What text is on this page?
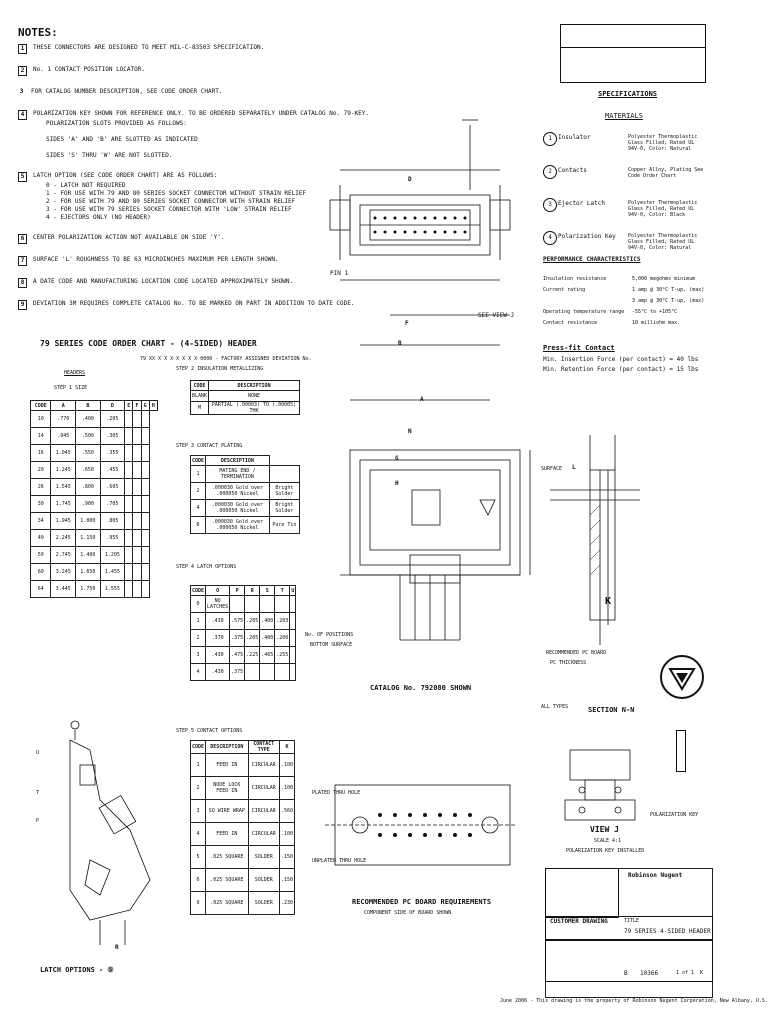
NOTES:
1 THESE CONNECTORS ARE DESIGNED TO MEET MIL-C-83503 SPECIFICATION.
2 No. 1 CONTACT POSITION LOCATOR.
3 FOR CATALOG NUMBER DESCRIPTION, SEE CODE ORDER CHART.
4 POLARIZATION KEY SHOWN FOR REFERENCE ONLY. TO BE ORDERED SEPARATELY UNDER CATALOG No. 79-KEY.
POLARIZATION SLOTS PROVIDED AS FOLLOWS:

SIDES 'A' AND 'B' ARE SLOTTED AS INDICATED

SIDES 'S' THRU 'W' ARE NOT SLOTTED.
5 LATCH OPTION (SEE CODE ORDER CHART) ARE AS FOLLOWS:
0 - LATCH NOT REQUIRED
1 - FOR USE WITH 79 AND 80 SERIES SOCKET CONNECTOR WITHOUT STRAIN RELIEF
2 - FOR USE WITH 79 AND 80 SERIES SOCKET CONNECTOR WITH STRAIN RELIEF
3 - FOR USE WITH 79 SERIES SOCKET CONNECTOR WITH 'LOW' STRAIN RELIEF
4 - EJECTORS ONLY (NO HEADER)
6 CENTER POLARIZATION ACTION NOT AVAILABLE ON SIDE 'Y'.
7 SURFACE 'L' ROUGHNESS TO BE 63 MICROINCHES MAXIMUM PER LENGTH SHOWN.
8 A DATE CODE AND MANUFACTURING LOCATION CODE LOCATED APPROXIMATELY SHOWN.
9 DEVIATION 3M REQUIRES COMPLETE CATALOG No. TO BE MARKED ON PART IN ADDITION TO DATE CODE.
D
F
B
PIN 1
SEE VIEW J
SPECIFICATIONS
MATERIALS
1	Insulator	Polyester Thermoplastic Glass Filled, Rated UL 94V-0, Color: Natural
2	Contacts	Copper Alloy, Plating See Code Order Chart
3	Ejector Latch	Polyester Thermoplastic Glass Filled, Rated UL 94V-0, Color: Black
4	Polarization Key Polyester Thermoplastic Glass Filled, Rated UL 94V-0, Color: Natural
PERFORMANCE CHARACTERISTICS
Insulation resistance	5,000 megohms minimum
Current rating	1 amp @ 30°C T-up, (max)
3 amp @ 30°C T-up, (max)
Operating temperature range -55°C to +105°C
Contact resistance	10 milliohm max.
Press-fit Contact
Min. Insertion Force (per contact) = 40 lbs
Min. Retention Force (per contact) = 15 lbs
79 SERIES CODE ORDER CHART - (4-SIDED) HEADER
79 XX X X X X X X X 0000 - FACTORY ASSIGNED DEVIATION No.
HEADERS
STEP 1 SIZE
CODE	A	B	D	E	F	G	H
10	.770	.400	.205				
14	.945	.500	.305				
16	1.045	.550	.355				
20	1.245	.650	.455				
26	1.545	.800	.605				
30	1.745	.900	.705				
34	1.945	1.000	.805				
40	2.245	1.150	.955				
50	2.745	1.400	1.205				
60	3.245	1.650	1.455				
64	3.445	1.750	1.555				
STEP 2 INSULATION METALLIZING
CODE	DESCRIPTION
BLANK	NONE
M	PARTIAL (.00003) TO (.00005) THK
STEP 3 CONTACT PLATING
CODE	DESCRIPTION	
1	MATING END / TERMINATION	
2	.000030 Gold over .000050 Nickel	Bright Solder
4	.000030 Gold over .000050 Nickel	Bright Solder
6	.000030 Gold over .000050 Nickel	Pure Tin
STEP 4 LATCH OPTIONS
CODE	O	P	R	S	T	U
0	NO LATCHES					
1	.430	.575	.205	.400	.203	
2	.370	.375	.205	.400	.200	
3	.430	.475	.225	.465	.255	
4	.430	.375				
STEP 5 CONTACT OPTIONS
CODE	DESCRIPTION	CONTACT TYPE	K
1	FEED IN	CIRCULAR	.100
2	NODE LOCK FEED IN	CIRCULAR	.100
3	SQ WIRE WRAP	CIRCULAR	.560
4	FEED IN	CIRCULAR	.100
5	.025 SQUARE	SOLDER	.150
6	.025 SQUARE	SOLDER	.150
9	.025 SQUARE	SOLDER	.230
U
P
T
R
LATCH OPTIONS - ⑤
A
N
G
H
No. OF POSITIONS
BOTTOM SURFACE
CATALOG No. 792080 SHOWN
SURFACE L
K
RECOMMENDED PC BOARD
PC THICKNESS
ALL TYPES	SECTION N-N
VIEW J
SCALE 4:1
POLARIZATION KEY INSTALLED
POLARIZATION KEY
PLATED THRU HOLE
UNPLATED THRU HOLE
RECOMMENDED PC BOARD REQUIREMENTS
COMPONENT SIDE OF BOARD SHOWN
Robinson Nugent
CUSTOMER DRAWING	TITLE
79 SERIES 4-SIDED HEADER
B 10366	1 of 1 K
June 2006 - This drawing is the property of Robinson Nugent Corporation, New Albany, U.S.
